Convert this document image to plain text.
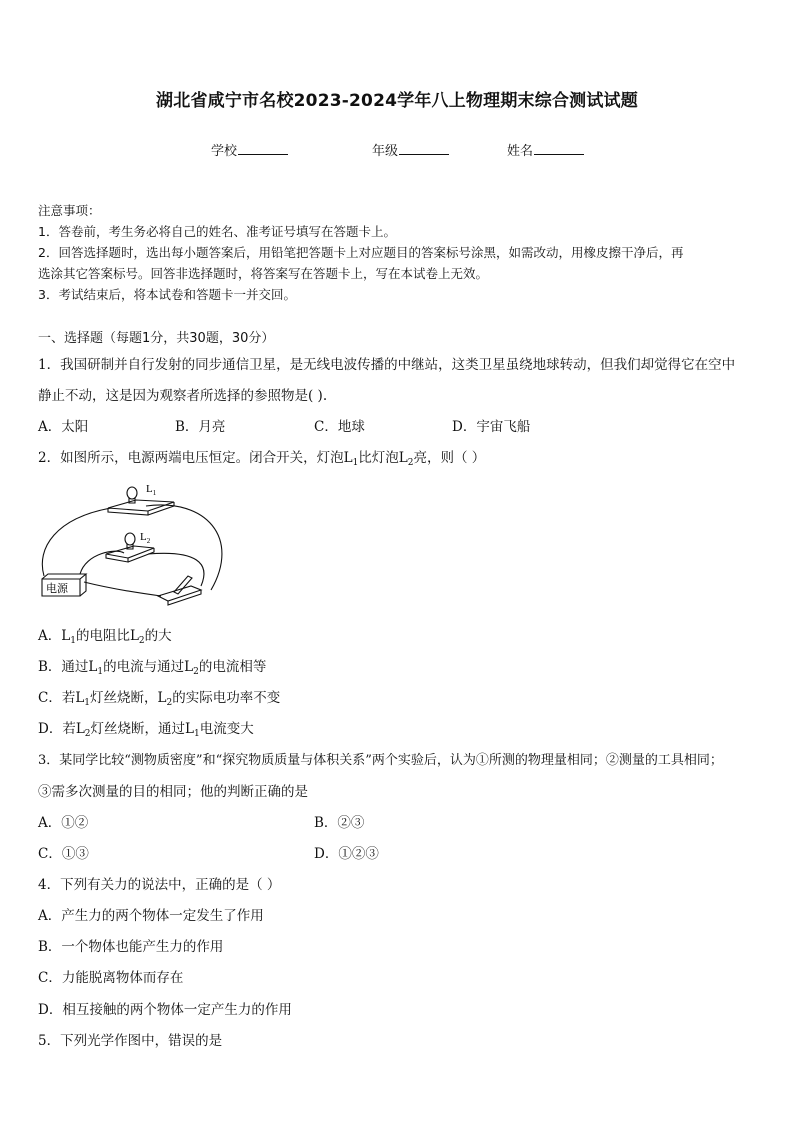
湖北省咸宁市名校2023-2024学年八上物理期末综合测试试题
学校	年级	姓名
注意事项：
1．答卷前，考生务必将自己的姓名、准考证号填写在答题卡上。
2．回答选择题时，选出每小题答案后，用铅笔把答题卡上对应题目的答案标号涂黑，如需改动，用橡皮擦干净后，再
选涂其它答案标号。回答非选择题时，将答案写在答题卡上，写在本试卷上无效。
3．考试结束后，将本试卷和答题卡一并交回。
一、选择题（每题1分，共30题，30分）
1．我国研制并自行发射的同步通信卫星，是无线电波传播的中继站，这类卫星虽绕地球转动，但我们却觉得它在空中
静止不动，这是因为观察者所选择的参照物是( ).
A．太阳	B．月亮	C．地球	D．宇宙飞船
2．如图所示，电源两端电压恒定。闭合开关，灯泡$L_1$比灯泡$L_2$亮，则（ ）
$L_1$
$L_2$
电源
A．$L_1$的电阻比$L_2$的大
B．通过$L_1$的电流与通过$L_2$的电流相等
C．若$L_1$灯丝烧断，$L_2$的实际电功率不变
D．若$L_2$灯丝烧断，通过$L_1$电流变大
3．某同学比较“测物质密度”和“探究物质质量与体积关系”两个实验后，认为①所测的物理量相同；②测量的工具相同；
③需多次测量的目的相同；他的判断正确的是
A．①②	B．②③
C．①③	D．①②③
4．下列有关力的说法中，正确的是（ ）
A．产生力的两个物体一定发生了作用
B．一个物体也能产生力的作用
C．力能脱离物体而存在
D．相互接触的两个物体一定产生力的作用
5．下列光学作图中，错误的是
